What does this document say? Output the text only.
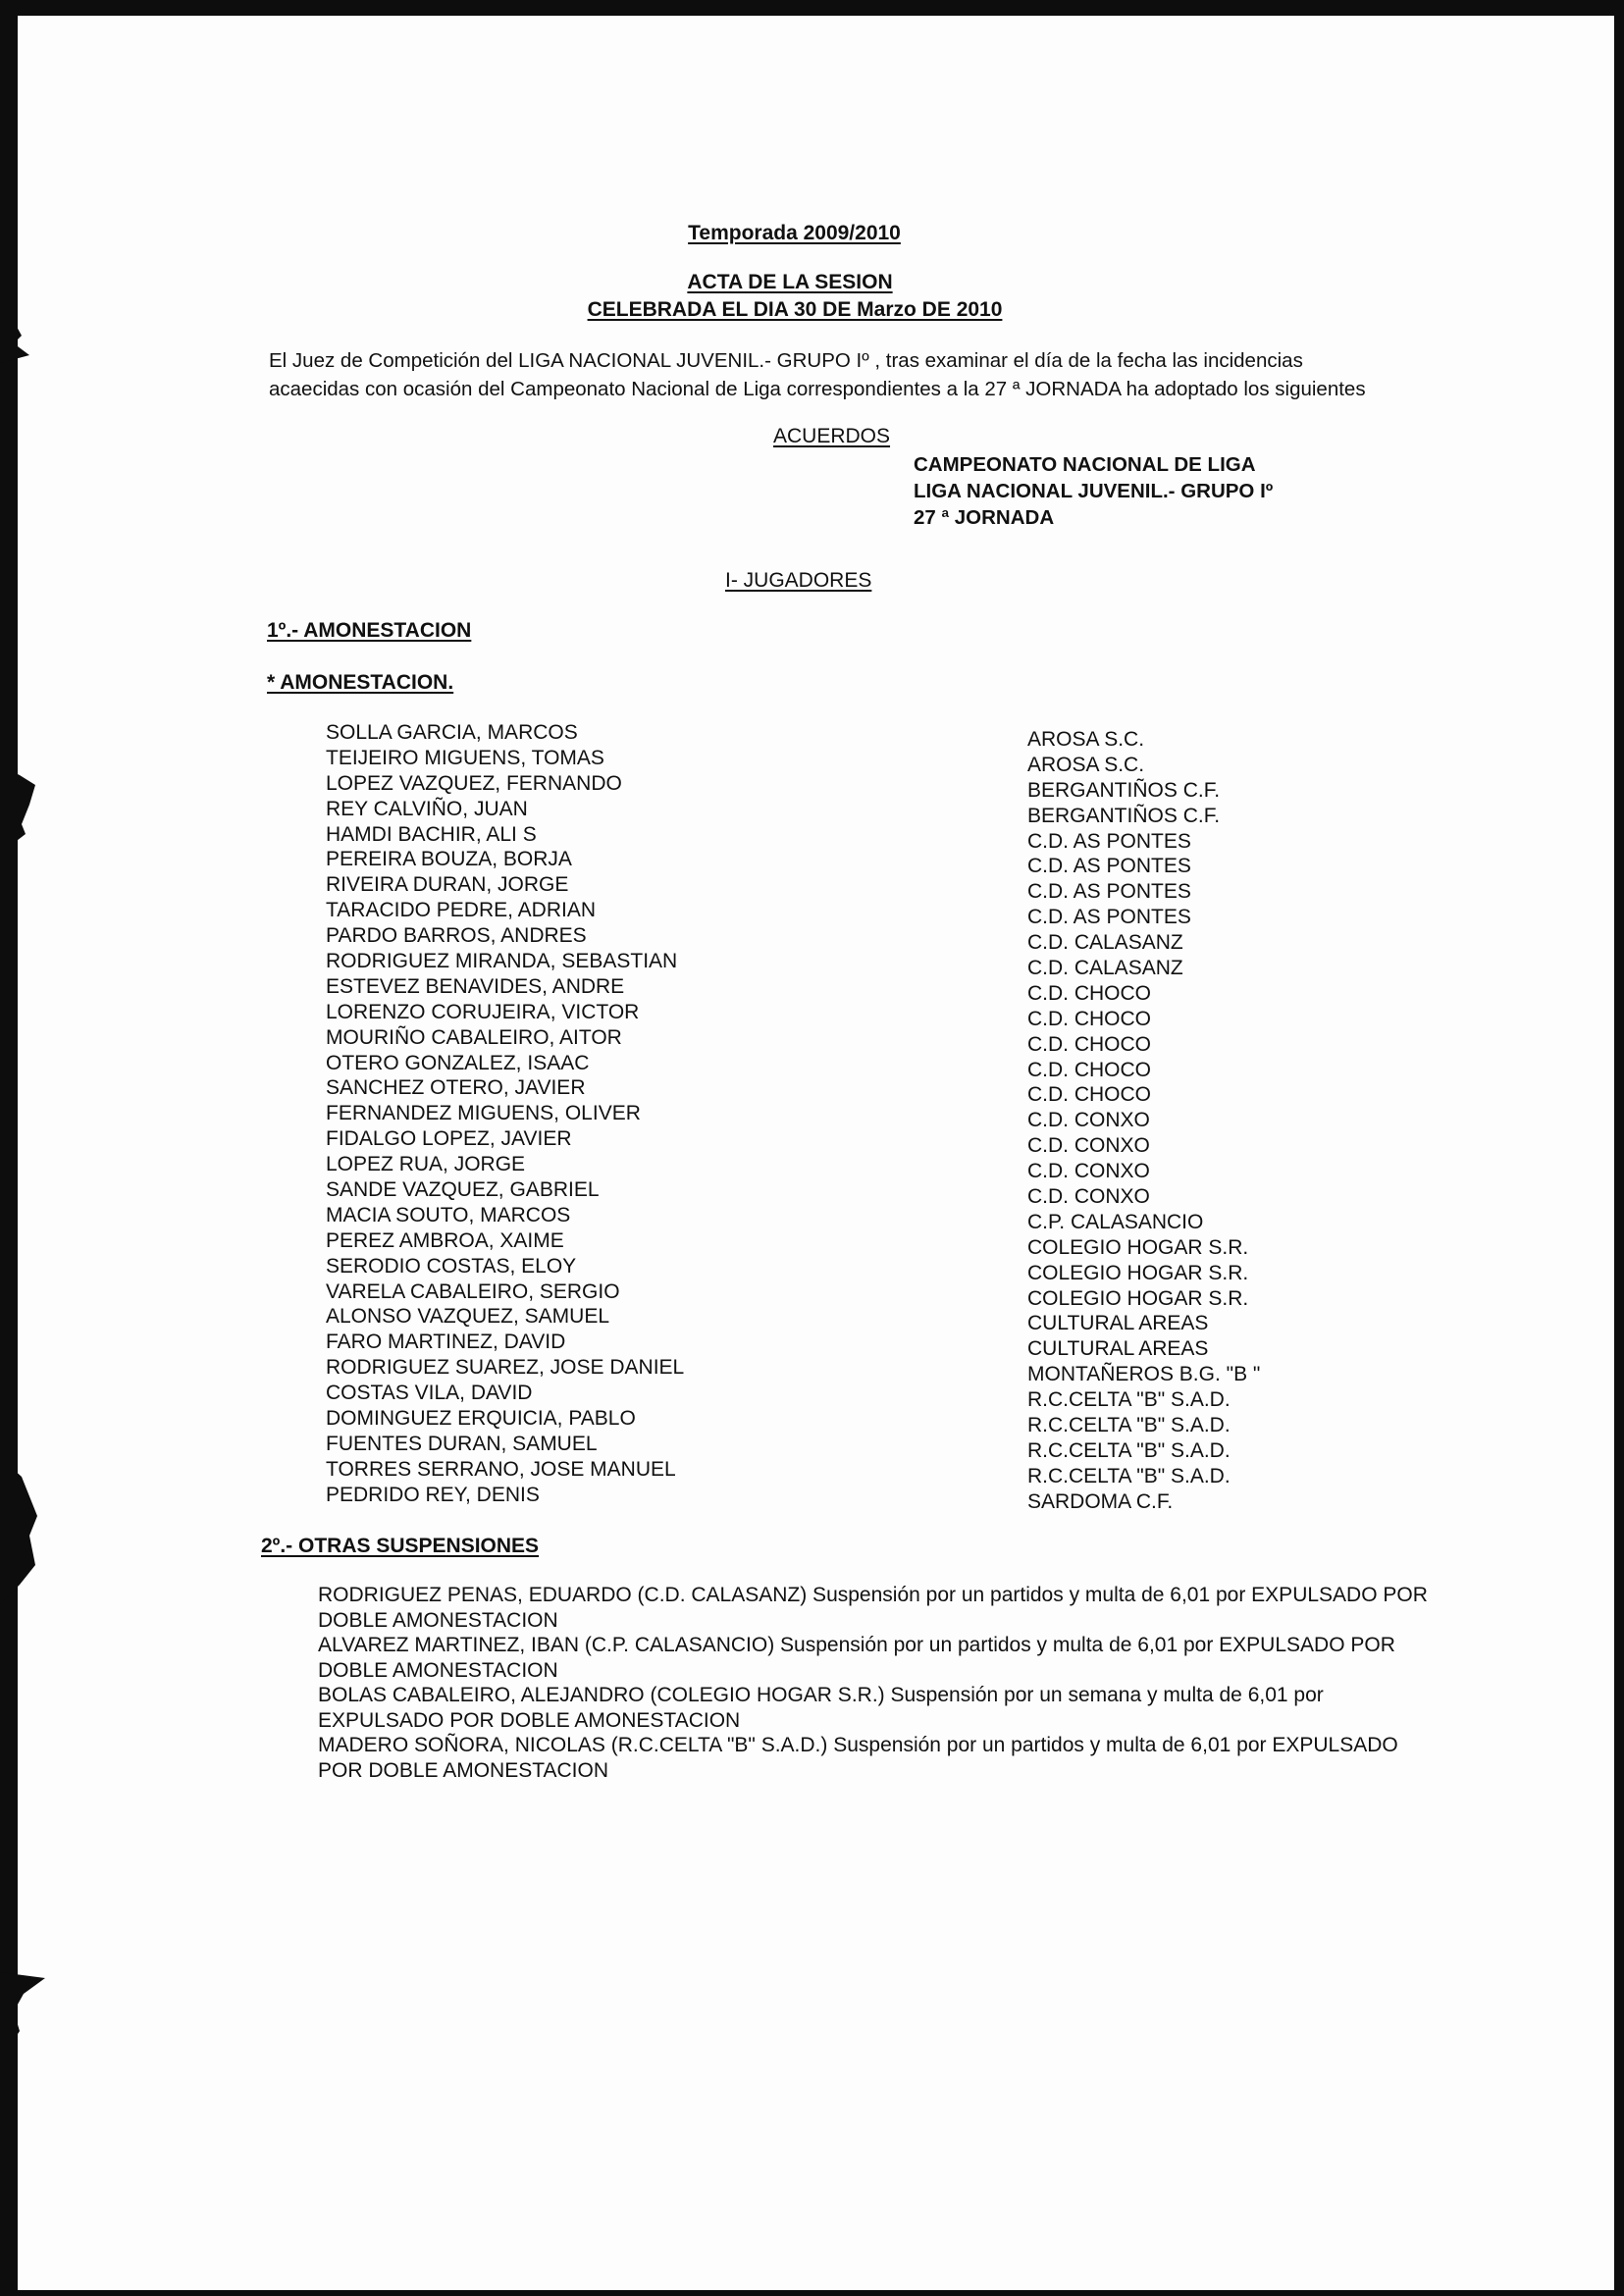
Temporada 2009/2010
ACTA DE LA SESION
CELEBRADA EL DIA 30 DE Marzo DE 2010
El Juez de Competición del LIGA NACIONAL JUVENIL.- GRUPO Iº , tras examinar el día de la fecha las incidencias
acaecidas con ocasión del Campeonato Nacional de Liga correspondientes a la 27 ª JORNADA ha adoptado los siguientes
ACUERDOS
CAMPEONATO NACIONAL DE LIGA
LIGA NACIONAL JUVENIL.- GRUPO Iº
27 ª JORNADA
I- JUGADORES
1º.- AMONESTACION
* AMONESTACION.
SOLLA GARCIA, MARCOS
TEIJEIRO MIGUENS, TOMAS
LOPEZ VAZQUEZ, FERNANDO
REY CALVIÑO, JUAN
HAMDI BACHIR, ALI S
PEREIRA BOUZA, BORJA
RIVEIRA DURAN, JORGE
TARACIDO PEDRE, ADRIAN
PARDO BARROS, ANDRES
RODRIGUEZ MIRANDA, SEBASTIAN
ESTEVEZ BENAVIDES, ANDRE
LORENZO CORUJEIRA, VICTOR
MOURIÑO CABALEIRO, AITOR
OTERO GONZALEZ, ISAAC
SANCHEZ OTERO, JAVIER
FERNANDEZ MIGUENS, OLIVER
FIDALGO LOPEZ, JAVIER
LOPEZ RUA, JORGE
SANDE VAZQUEZ, GABRIEL
MACIA SOUTO, MARCOS
PEREZ AMBROA, XAIME
SERODIO COSTAS, ELOY
VARELA CABALEIRO, SERGIO
ALONSO VAZQUEZ, SAMUEL
FARO MARTINEZ, DAVID
RODRIGUEZ SUAREZ, JOSE DANIEL
COSTAS VILA, DAVID
DOMINGUEZ ERQUICIA, PABLO
FUENTES DURAN, SAMUEL
TORRES SERRANO, JOSE MANUEL
PEDRIDO REY, DENIS
AROSA S.C.
AROSA S.C.
BERGANTIÑOS C.F.
BERGANTIÑOS C.F.
C.D. AS PONTES
C.D. AS PONTES
C.D. AS PONTES
C.D. AS PONTES
C.D. CALASANZ
C.D. CALASANZ
C.D. CHOCO
C.D. CHOCO
C.D. CHOCO
C.D. CHOCO
C.D. CHOCO
C.D. CONXO
C.D. CONXO
C.D. CONXO
C.D. CONXO
C.P. CALASANCIO
COLEGIO HOGAR S.R.
COLEGIO HOGAR S.R.
COLEGIO HOGAR S.R.
CULTURAL AREAS
CULTURAL AREAS
MONTAÑEROS B.G. "B "
R.C.CELTA "B" S.A.D.
R.C.CELTA "B" S.A.D.
R.C.CELTA "B" S.A.D.
R.C.CELTA "B" S.A.D.
SARDOMA C.F.
2º.- OTRAS SUSPENSIONES
RODRIGUEZ PENAS, EDUARDO (C.D. CALASANZ) Suspensión por un partidos y multa de 6,01 por EXPULSADO POR
DOBLE AMONESTACION
ALVAREZ MARTINEZ, IBAN (C.P. CALASANCIO) Suspensión por un partidos y multa de 6,01 por EXPULSADO POR
DOBLE AMONESTACION
BOLAS CABALEIRO, ALEJANDRO (COLEGIO HOGAR S.R.) Suspensión por un semana y multa de 6,01 por
EXPULSADO POR DOBLE AMONESTACION
MADERO SOÑORA, NICOLAS (R.C.CELTA "B" S.A.D.) Suspensión por un partidos y multa de 6,01 por EXPULSADO
POR DOBLE AMONESTACION
